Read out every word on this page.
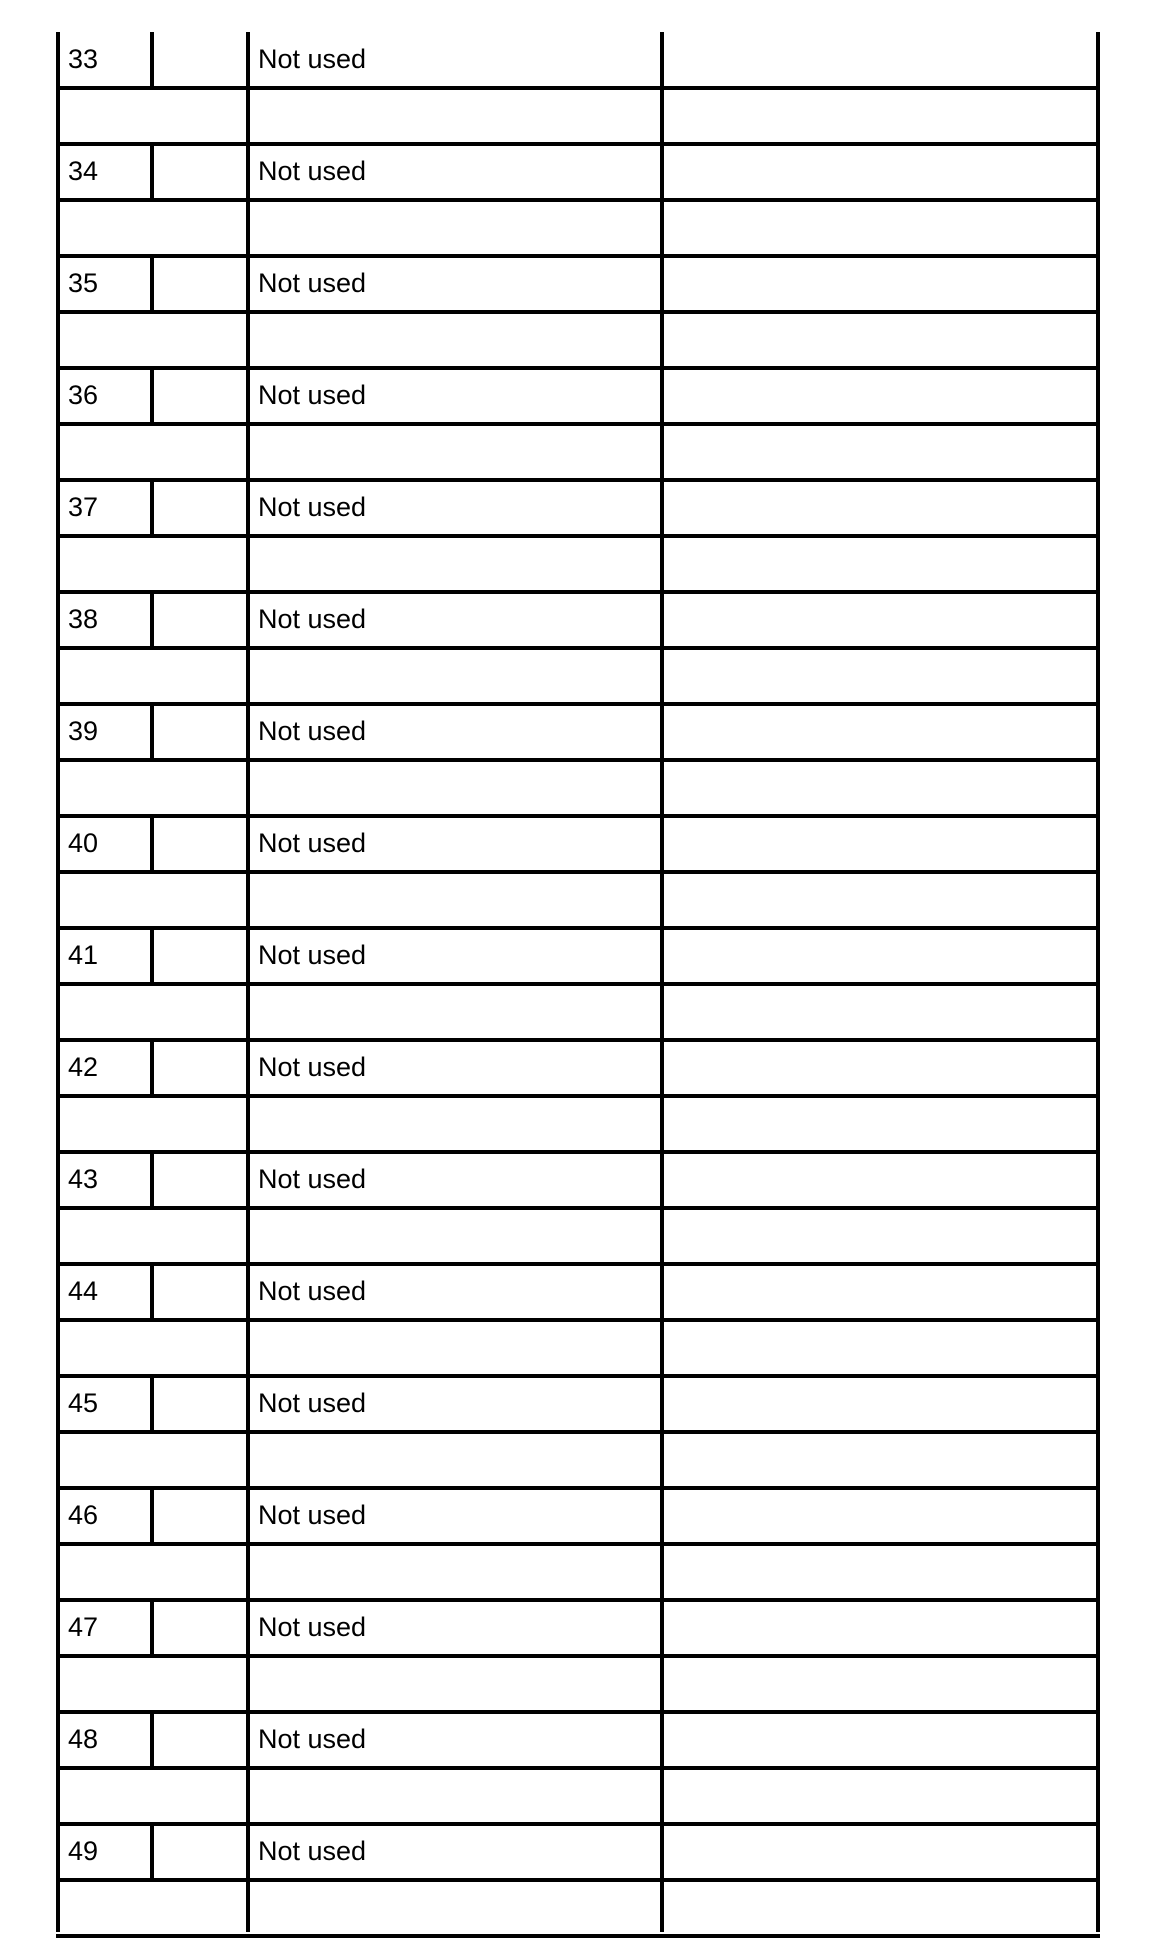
33	Not used
34	Not used
35	Not used
36	Not used
37	Not used
38	Not used
39	Not used
40	Not used
41	Not used
42	Not used
43	Not used
44	Not used
45	Not used
46	Not used
47	Not used
48	Not used
49	Not used
